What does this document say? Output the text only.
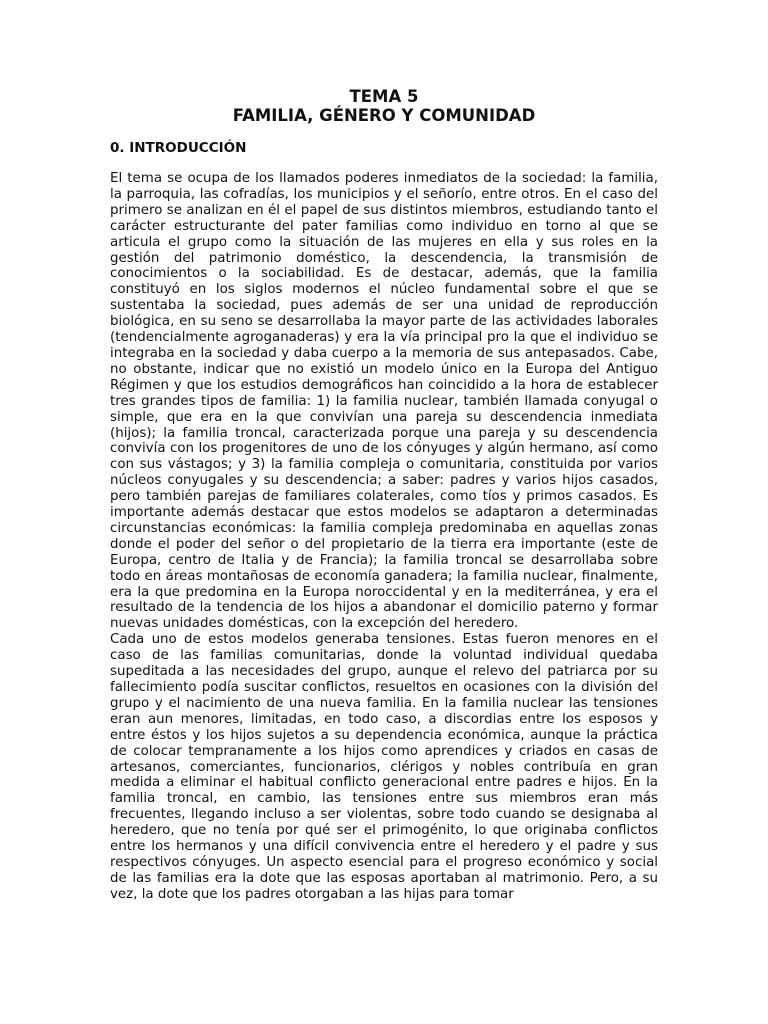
TEMA 5
FAMILIA, GÉNERO Y COMUNIDAD
0. INTRODUCCIÓN

El tema se ocupa de los llamados poderes inmediatos de la sociedad: la familia, la parroquia, las cofradías, los municipios y el señorío, entre otros. En el caso del primero se analizan en él el papel de sus distintos miembros, estudiando tanto el carácter estructurante del pater familias como individuo en torno al que se articula el grupo como la situación de las mujeres en ella y sus roles en la gestión del patrimonio doméstico, la descendencia, la transmisión de conocimientos o la sociabilidad. Es de destacar, además, que la familia constituyó en los siglos modernos el núcleo fundamental sobre el que se sustentaba la sociedad, pues además de ser una unidad de reproducción biológica, en su seno se desarrollaba la mayor parte de las actividades laborales (tendencialmente agroganaderas) y era la vía principal pro la que el individuo se integraba en la sociedad y daba cuerpo a la memoria de sus antepasados. Cabe, no obstante, indicar que no existió un modelo único en la Europa del Antiguo Régimen y que los estudios demográficos han coincidido a la hora de establecer tres grandes tipos de familia: 1) la familia nuclear, también llamada conyugal o simple, que era en la que convivían una pareja su descendencia inmediata (hijos); la familia troncal, caracterizada porque una pareja y su descendencia convivía con los progenitores de uno de los cónyuges y algún hermano, así como con sus vástagos; y 3) la familia compleja o comunitaria, constituida por varios núcleos conyugales y su descendencia; a saber: padres y varios hijos casados, pero también parejas de familiares colaterales, como tíos y primos casados. Es importante además destacar que estos modelos se adaptaron a determinadas circunstancias económicas: la familia compleja predominaba en aquellas zonas donde el poder del señor o del propietario de la tierra era importante (este de Europa, centro de Italia y de Francia); la familia troncal se desarrollaba sobre todo en áreas montañosas de economía ganadera; la familia nuclear, finalmente, era la que predomina en la Europa noroccidental y en la mediterránea, y era el resultado de la tendencia de los hijos a abandonar el domicilio paterno y formar nuevas unidades domésticas, con la excepción del heredero.

Cada uno de estos modelos generaba tensiones. Estas fueron menores en el caso de las familias comunitarias, donde la voluntad individual quedaba supeditada a las necesidades del grupo, aunque el relevo del patriarca por su fallecimiento podía suscitar conflictos, resueltos en ocasiones con la división del grupo y el nacimiento de una nueva familia. En la familia nuclear las tensiones eran aun menores, limitadas, en todo caso, a discordias entre los esposos y entre éstos y los hijos sujetos a su dependencia económica, aunque la práctica de colocar tempranamente a los hijos como aprendices y criados en casas de artesanos, comerciantes, funcionarios, clérigos y nobles contribuía en gran medida a eliminar el habitual conflicto generacional entre padres e hijos. En la familia troncal, en cambio, las tensiones entre sus miembros eran más frecuentes, llegando incluso a ser violentas, sobre todo cuando se designaba al heredero, que no tenía por qué ser el primogénito, lo que originaba conflictos entre los hermanos y una difícil convivencia entre el heredero y el padre y sus respectivos cónyuges. Un aspecto esencial para el progreso económico y social de las familias era la dote que las esposas aportaban al matrimonio. Pero, a su vez, la dote que los padres otorgaban a las hijas para tomar
